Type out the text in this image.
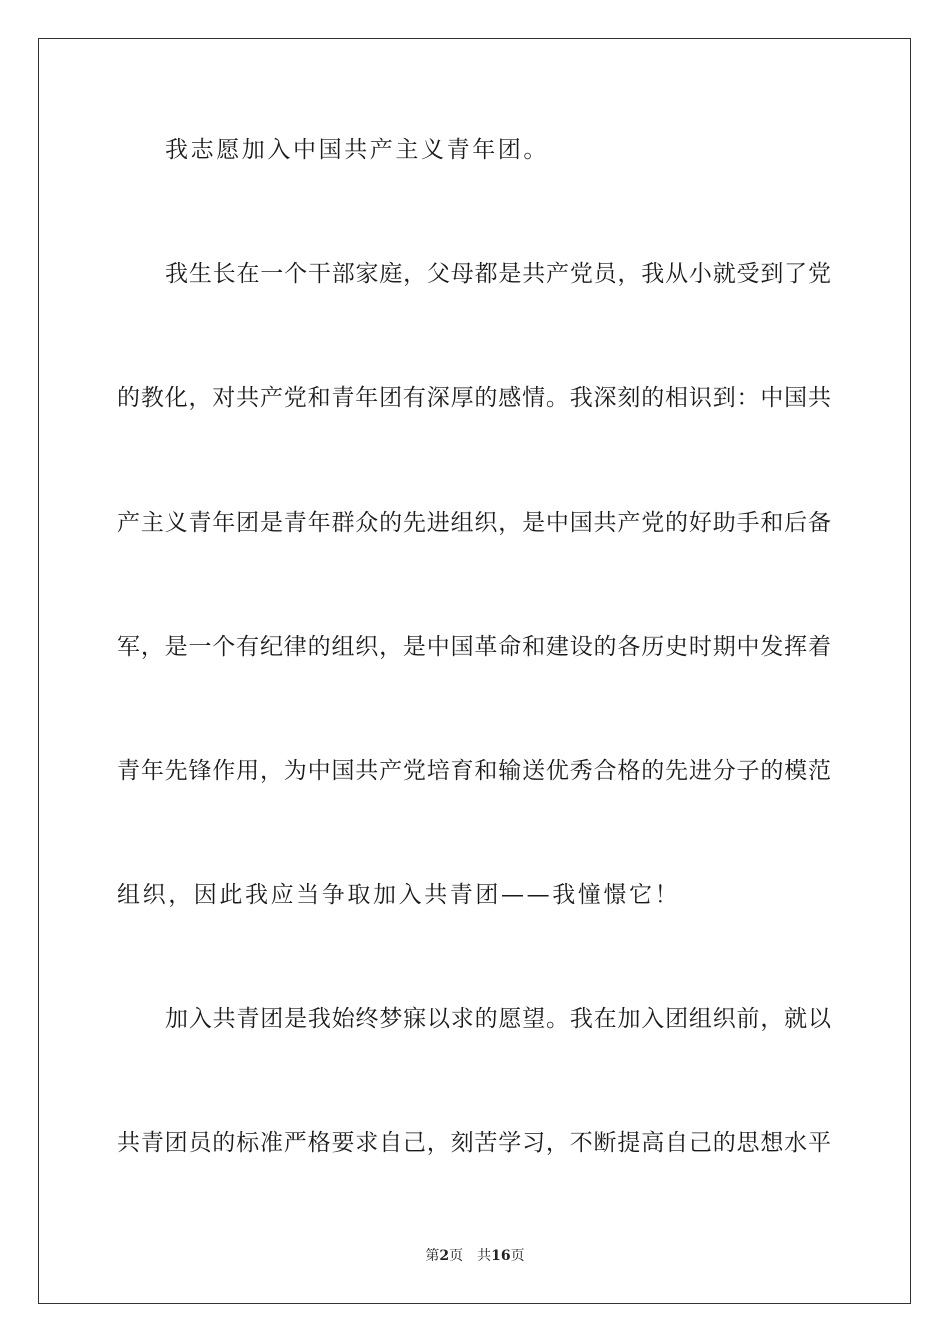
我志愿加入中国共产主义青年团。
我生长在一个干部家庭，父母都是共产党员，我从小就受到了党
的教化，对共产党和青年团有深厚的感情。我深刻的相识到：中国共
产主义青年团是青年群众的先进组织，是中国共产党的好助手和后备
军，是一个有纪律的组织，是中国革命和建设的各历史时期中发挥着
青年先锋作用，为中国共产党培育和输送优秀合格的先进分子的模范
组织，因此我应当争取加入共青团——我憧憬它！
加入共青团是我始终梦寐以求的愿望。我在加入团组织前，就以
共青团员的标准严格要求自己，刻苦学习，不断提高自己的思想水平
第2页 共16页
